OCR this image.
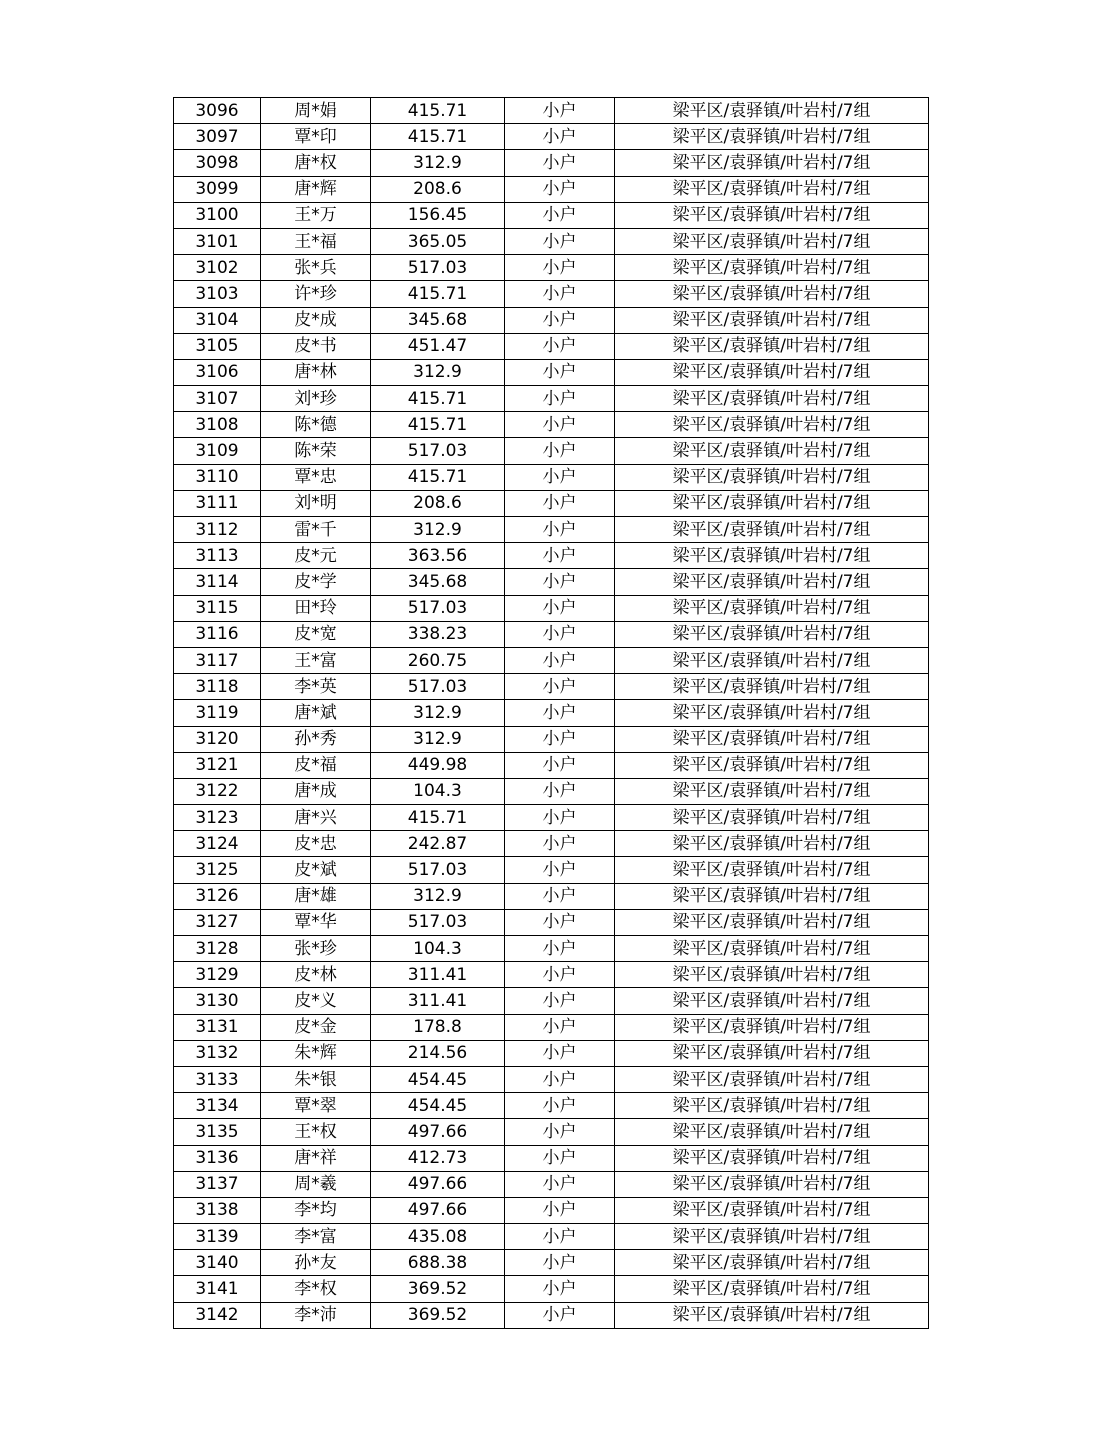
3096	周*娟	415.71	小户	梁平区/袁驿镇/叶岩村/7组
3097	覃*印	415.71	小户	梁平区/袁驿镇/叶岩村/7组
3098	唐*权	312.9	小户	梁平区/袁驿镇/叶岩村/7组
3099	唐*辉	208.6	小户	梁平区/袁驿镇/叶岩村/7组
3100	王*万	156.45	小户	梁平区/袁驿镇/叶岩村/7组
3101	王*福	365.05	小户	梁平区/袁驿镇/叶岩村/7组
3102	张*兵	517.03	小户	梁平区/袁驿镇/叶岩村/7组
3103	许*珍	415.71	小户	梁平区/袁驿镇/叶岩村/7组
3104	皮*成	345.68	小户	梁平区/袁驿镇/叶岩村/7组
3105	皮*书	451.47	小户	梁平区/袁驿镇/叶岩村/7组
3106	唐*林	312.9	小户	梁平区/袁驿镇/叶岩村/7组
3107	刘*珍	415.71	小户	梁平区/袁驿镇/叶岩村/7组
3108	陈*德	415.71	小户	梁平区/袁驿镇/叶岩村/7组
3109	陈*荣	517.03	小户	梁平区/袁驿镇/叶岩村/7组
3110	覃*忠	415.71	小户	梁平区/袁驿镇/叶岩村/7组
3111	刘*明	208.6	小户	梁平区/袁驿镇/叶岩村/7组
3112	雷*千	312.9	小户	梁平区/袁驿镇/叶岩村/7组
3113	皮*元	363.56	小户	梁平区/袁驿镇/叶岩村/7组
3114	皮*学	345.68	小户	梁平区/袁驿镇/叶岩村/7组
3115	田*玲	517.03	小户	梁平区/袁驿镇/叶岩村/7组
3116	皮*宽	338.23	小户	梁平区/袁驿镇/叶岩村/7组
3117	王*富	260.75	小户	梁平区/袁驿镇/叶岩村/7组
3118	李*英	517.03	小户	梁平区/袁驿镇/叶岩村/7组
3119	唐*斌	312.9	小户	梁平区/袁驿镇/叶岩村/7组
3120	孙*秀	312.9	小户	梁平区/袁驿镇/叶岩村/7组
3121	皮*福	449.98	小户	梁平区/袁驿镇/叶岩村/7组
3122	唐*成	104.3	小户	梁平区/袁驿镇/叶岩村/7组
3123	唐*兴	415.71	小户	梁平区/袁驿镇/叶岩村/7组
3124	皮*忠	242.87	小户	梁平区/袁驿镇/叶岩村/7组
3125	皮*斌	517.03	小户	梁平区/袁驿镇/叶岩村/7组
3126	唐*雄	312.9	小户	梁平区/袁驿镇/叶岩村/7组
3127	覃*华	517.03	小户	梁平区/袁驿镇/叶岩村/7组
3128	张*珍	104.3	小户	梁平区/袁驿镇/叶岩村/7组
3129	皮*林	311.41	小户	梁平区/袁驿镇/叶岩村/7组
3130	皮*义	311.41	小户	梁平区/袁驿镇/叶岩村/7组
3131	皮*金	178.8	小户	梁平区/袁驿镇/叶岩村/7组
3132	朱*辉	214.56	小户	梁平区/袁驿镇/叶岩村/7组
3133	朱*银	454.45	小户	梁平区/袁驿镇/叶岩村/7组
3134	覃*翠	454.45	小户	梁平区/袁驿镇/叶岩村/7组
3135	王*权	497.66	小户	梁平区/袁驿镇/叶岩村/7组
3136	唐*祥	412.73	小户	梁平区/袁驿镇/叶岩村/7组
3137	周*羲	497.66	小户	梁平区/袁驿镇/叶岩村/7组
3138	李*均	497.66	小户	梁平区/袁驿镇/叶岩村/7组
3139	李*富	435.08	小户	梁平区/袁驿镇/叶岩村/7组
3140	孙*友	688.38	小户	梁平区/袁驿镇/叶岩村/7组
3141	李*权	369.52	小户	梁平区/袁驿镇/叶岩村/7组
3142	李*沛	369.52	小户	梁平区/袁驿镇/叶岩村/7组
